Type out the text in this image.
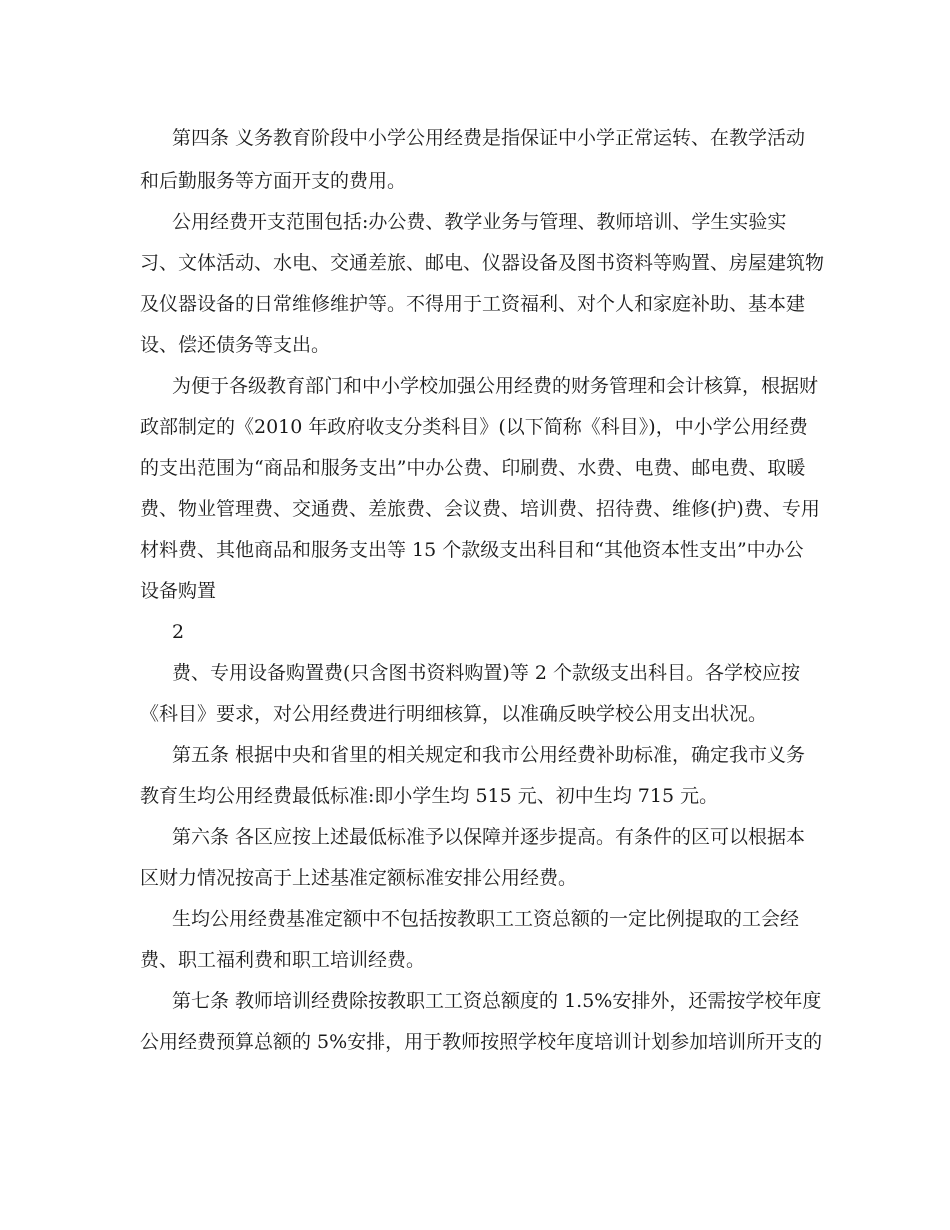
第四条 义务教育阶段中小学公用经费是指保证中小学正常运转、在教学活动

和后勤服务等方面开支的费用。

公用经费开支范围包括:办公费、教学业务与管理、教师培训、学生实验实

习、文体活动、水电、交通差旅、邮电、仪器设备及图书资料等购置、房屋建筑物

及仪器设备的日常维修维护等。不得用于工资福利、对个人和家庭补助、基本建

设、偿还债务等支出。

为便于各级教育部门和中小学校加强公用经费的财务管理和会计核算，根据财

政部制定的《2010 年政府收支分类科目》(以下简称《科目》)，中小学公用经费

的支出范围为“商品和服务支出”中办公费、印刷费、水费、电费、邮电费、取暖

费、物业管理费、交通费、差旅费、会议费、培训费、招待费、维修(护)费、专用

材料费、其他商品和服务支出等 15 个款级支出科目和“其他资本性支出”中办公

设备购置

2

费、专用设备购置费(只含图书资料购置)等 2 个款级支出科目。各学校应按

《科目》要求，对公用经费进行明细核算，以准确反映学校公用支出状况。

第五条 根据中央和省里的相关规定和我市公用经费补助标准，确定我市义务

教育生均公用经费最低标准:即小学生均 515 元、初中生均 715 元。

第六条 各区应按上述最低标准予以保障并逐步提高。有条件的区可以根据本

区财力情况按高于上述基准定额标准安排公用经费。

生均公用经费基准定额中不包括按教职工工资总额的一定比例提取的工会经

费、职工福利费和职工培训经费。

第七条 教师培训经费除按教职工工资总额度的 1.5%安排外，还需按学校年度

公用经费预算总额的 5%安排，用于教师按照学校年度培训计划参加培训所开支的
